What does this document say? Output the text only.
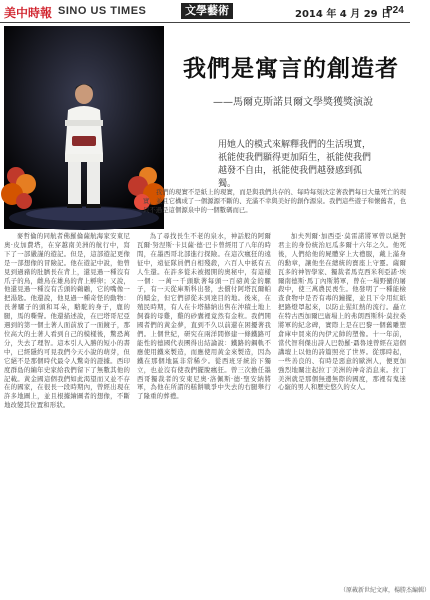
美中時報 SINO US TIMES	文學藝術	2014 年 4 月 29 日
P24
我們是寓言的創造者
——馬爾克斯諾貝爾文學獎獲獎演說
用她人的模式來解釋我們的生活現實，祇能使我們顯得更加陌生，祇能使我們越發不自由，祇能使我們越發感到孤獨。

我們的現實不是紙上的現實，而是與我們共存的、每時每刻決定著我們每日大量死亡的現實，並且它構成了一個源源不斷的、充滿不幸與美好的創作源泉。我們這些遊子和懷舊者，也只不過是這個源泉中的一個數碼而已。

麥哲倫的同航者佛羅倫薩航海家安東尼奧·皮加費塔，在穿越南美洲的航行中，寫下了一部嚴謹的遊記。但是，這部遊記更像是一部想像的冒險記。他在遊記中說，他曾見到過豬的肚臍長在背上，還見過一種沒有爪子的鳥，雌鳥在雄鳥的背上孵卵；又說，他還見過一種沒有舌頭的鵜鶘，它的嘴像一把湯匙。他還說，他見過一種奇怪的動物：長著騾子的頭和耳朵，駱駝的身子，鹿的腿，馬的嘶聲。他還描述說，在巴塔哥尼亞遇到的第一個土著人面前放了一面鏡子，那位高大的土著人看到自己的模樣後，驚恐萬分，失去了理智。這本引人入勝的短小的書中，已經隱約可見我們今天小說的萌芽，但它絕不是那個時代最令人驚奇的證據。西印度群島的編年史家給我們留下了無數其他的記載。黃金國這個我們如此渴望而又並不存在的國家，在很長一段時期內，曾經出現在許多地圖上，並且根據繪圖者的想像，不斷地改變其位置和形狀。

為了尋找長生不老的泉水，神話般的阿爾瓦爾·努涅斯·卡貝薩·德·巴卡曾經用了八年的時間，在墨西哥北部進行探險。在這次瘋狂的遠征中，遠征隊員們自相殘殺，六百人中祇有五人生還。在許多從未被揭開的奧秘中，有這樣一個：一萬一千頭馱著每頭一百磅黃金的騾子，有一天從庫斯科出發，去償付阿塔瓦爾帕的贖金，但它們卻從未到達目的地。後來，在殖民時期，有人在卡塔赫納出售在沖積土地上飼養的母雞，雞的砂囊裡竟然有金粒。我們開國者們的黃金夢，直到不久以前還在困擾著我們。上個世紀，研究在兩洋間修建一條鐵路可能性的德國代表團得出結論說：鐵路的鋼軌不應使用鐵來製造，而應使用黃金來製造，因為鐵在那個地區非常稀少。從西班牙統治下獨立，也並沒有使我們擺脫瘋狂。曾三次擔任墨西哥獨裁者的安東尼奧·洛佩斯·德·聖安納將軍，為他在所謂的糕餅戰爭中失去的右腿舉行了隆重的葬禮。

加夫列爾·加西亞·莫雷諾將軍曾以絕對君主的身份統治厄瓜多爾十六年之久。他死後，人們給他的屍體穿上大禮服，戴上滿身的勳章，讓他坐在總統的寶座上守靈。薩爾瓦多的神智學家、獨裁者馬克西米利亞諾·埃爾南德斯·馬丁內斯將軍，曾在一場野蠻的屠殺中，使三萬農民喪生。他發明了一種能檢查食物中是否有毒的鐘擺，並且下令用紅紙把路燈罩起來，以防止猩紅熱的流行。矗立在特古西加爾巴廣場上的弗朗西斯科·莫拉桑將軍的紀念碑，實際上是在巴黎一個舊雕塑倉庫中買來的內伊元帥的塑像。十一年前，當代智利傑出詩人巴勃羅·聶魯達曾經在這個講壇上以他的詩篇照亮了世界。從那時起，一些善良的、有時是惡意的歐洲人，便更加強烈地關注起拉丁美洲的神奇消息來。拉丁美洲就是那個無邊無際的國度，那裡有鬼迷心竅的男人和歷史悠久的女人。

（原載新世紀文庫，楊勝杰編輯）
